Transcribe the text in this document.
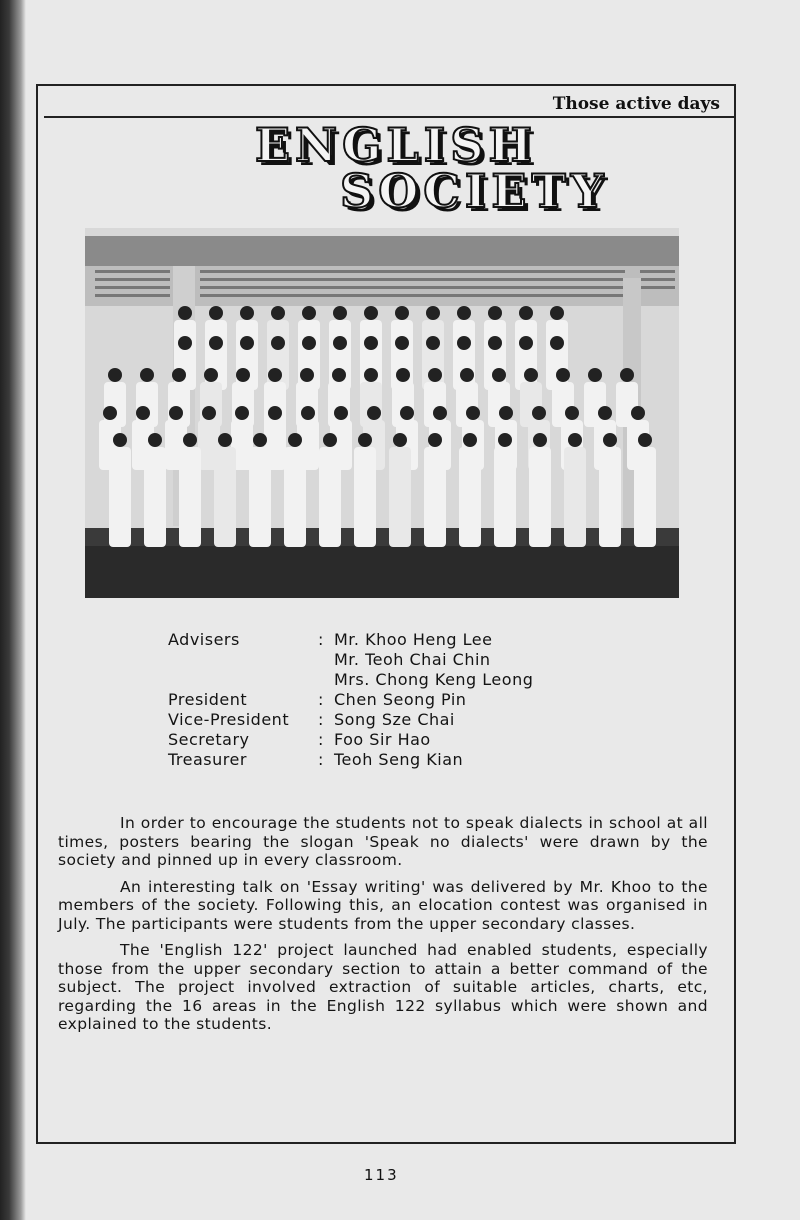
Those active days
ENGLISH
SOCIETY
Advisers	: Mr. Khoo Heng Lee
Mr. Teoh Chai Chin
Mrs. Chong Keng Leong
President	: Chen Seong Pin
Vice-President	: Song Sze Chai
Secretary	: Foo Sir Hao
Treasurer	: Teoh Seng Kian

In order to encourage the students not to speak dialects in school at all times, posters bearing the slogan 'Speak no dialects' were drawn by the society and pinned up in every classroom.

An interesting talk on 'Essay writing' was delivered by Mr. Khoo to the members of the society. Following this, an elocation contest was organised in July. The participants were students from the upper secondary classes.

The 'English 122' project launched had enabled students, especially those from the upper secondary section to attain a better command of the subject. The project involved extraction of suitable articles, charts, etc, regarding the 16 areas in the English 122 syllabus which were shown and explained to the students.

113
